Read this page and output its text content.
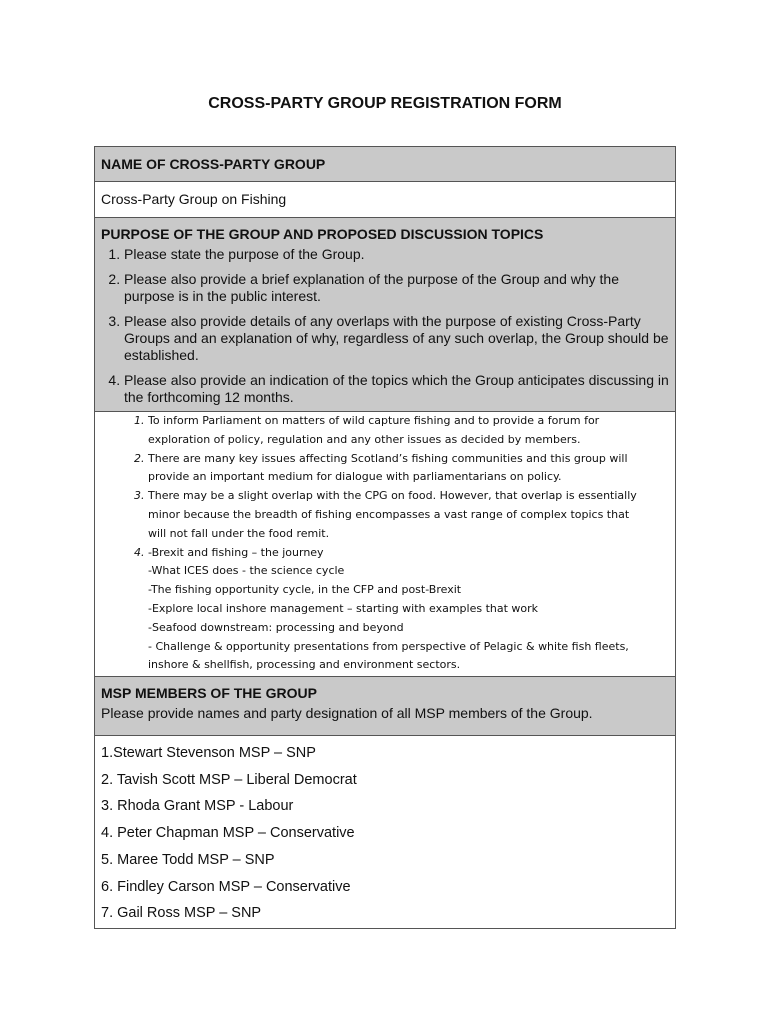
CROSS-PARTY GROUP REGISTRATION FORM
NAME OF CROSS-PARTY GROUP

Cross-Party Group on Fishing

PURPOSE OF THE GROUP AND PROPOSED DISCUSSION TOPICS
1. Please state the purpose of the Group.
2. Please also provide a brief explanation of the purpose of the Group and why the purpose is in the public interest.
3. Please also provide details of any overlaps with the purpose of existing Cross-Party Groups and an explanation of why, regardless of any such overlap, the Group should be established.
4. Please also provide an indication of the topics which the Group anticipates discussing in the forthcoming 12 months.

1. To inform Parliament on matters of wild capture fishing and to provide a forum for
exploration of policy, regulation and any other issues as decided by members.
2. There are many key issues affecting Scotland’s fishing communities and this group will
provide an important medium for dialogue with parliamentarians on policy.
3. There may be a slight overlap with the CPG on food. However, that overlap is essentially
minor because the breadth of fishing encompasses a vast range of complex topics that
will not fall under the food remit.
4. -Brexit and fishing – the journey
-What ICES does - the science cycle
-The fishing opportunity cycle, in the CFP and post-Brexit
-Explore local inshore management – starting with examples that work
-Seafood downstream: processing and beyond
- Challenge & opportunity presentations from perspective of Pelagic & white fish fleets,
inshore & shellfish, processing and environment sectors.

MSP MEMBERS OF THE GROUP
Please provide names and party designation of all MSP members of the Group.

1.Stewart Stevenson MSP – SNP
2. Tavish Scott MSP – Liberal Democrat
3. Rhoda Grant MSP - Labour
4. Peter Chapman MSP – Conservative
5. Maree Todd MSP – SNP
6. Findley Carson MSP – Conservative
7. Gail Ross MSP – SNP
